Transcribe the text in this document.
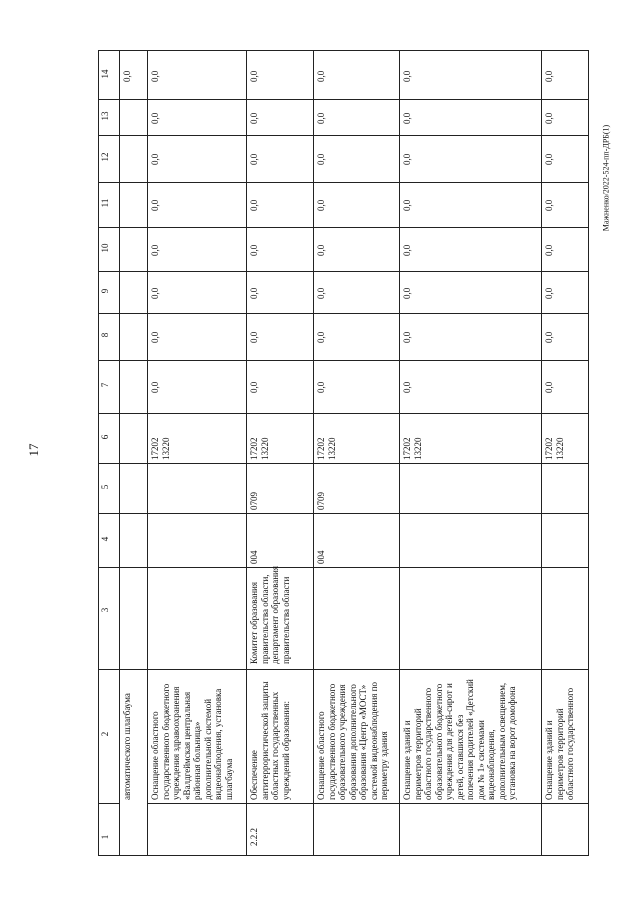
17
Мажненко/2022-524-пп-ДРБ(1)
1
2
3
4
5
6
7
8
9
10
11
12
13
14
автоматического шлагбаума
0,0
Оснащение областного государственного бюджетного учреждения здравоохранения «Валдгеймская центральная районная больница» дополнительной системой видеонаблюдения, установка шлагбаума
17202 13220
0,0
0,0
0,0
0,0
0,0
0,0
0,0
0,0
2.2.2
Обеспечение антитеррористической защиты областных государственных учреждений образования:
Комитет образования правительства области, департамент образования правительства области
17202 13220
004
0709
0,0
0,0
0,0
0,0
0,0
0,0
0,0
0,0
Оснащение областного государственного бюджетного образовательного учреждения образования дополнительного образования «Центр «МОСТ» системой видеонаблюдения по периметру здания
17202 13220
004
0709
0,0
0,0
0,0
0,0
0,0
0,0
0,0
0,0
Оснащение зданий и периметров территорий областного государственного образовательного бюджетного учреждения для детей-сирот и детей, оставшихся без попечения родителей «Детский дом № 1» системами видеонаблюдения, дополнительным освещением, установка на ворот домофона
17202 13220
0,0
0,0
0,0
0,0
0,0
0,0
0,0
0,0
Оснащение зданий и периметров территорий областного государственного
17202 13220
0,0
0,0
0,0
0,0
0,0
0,0
0,0
0,0
